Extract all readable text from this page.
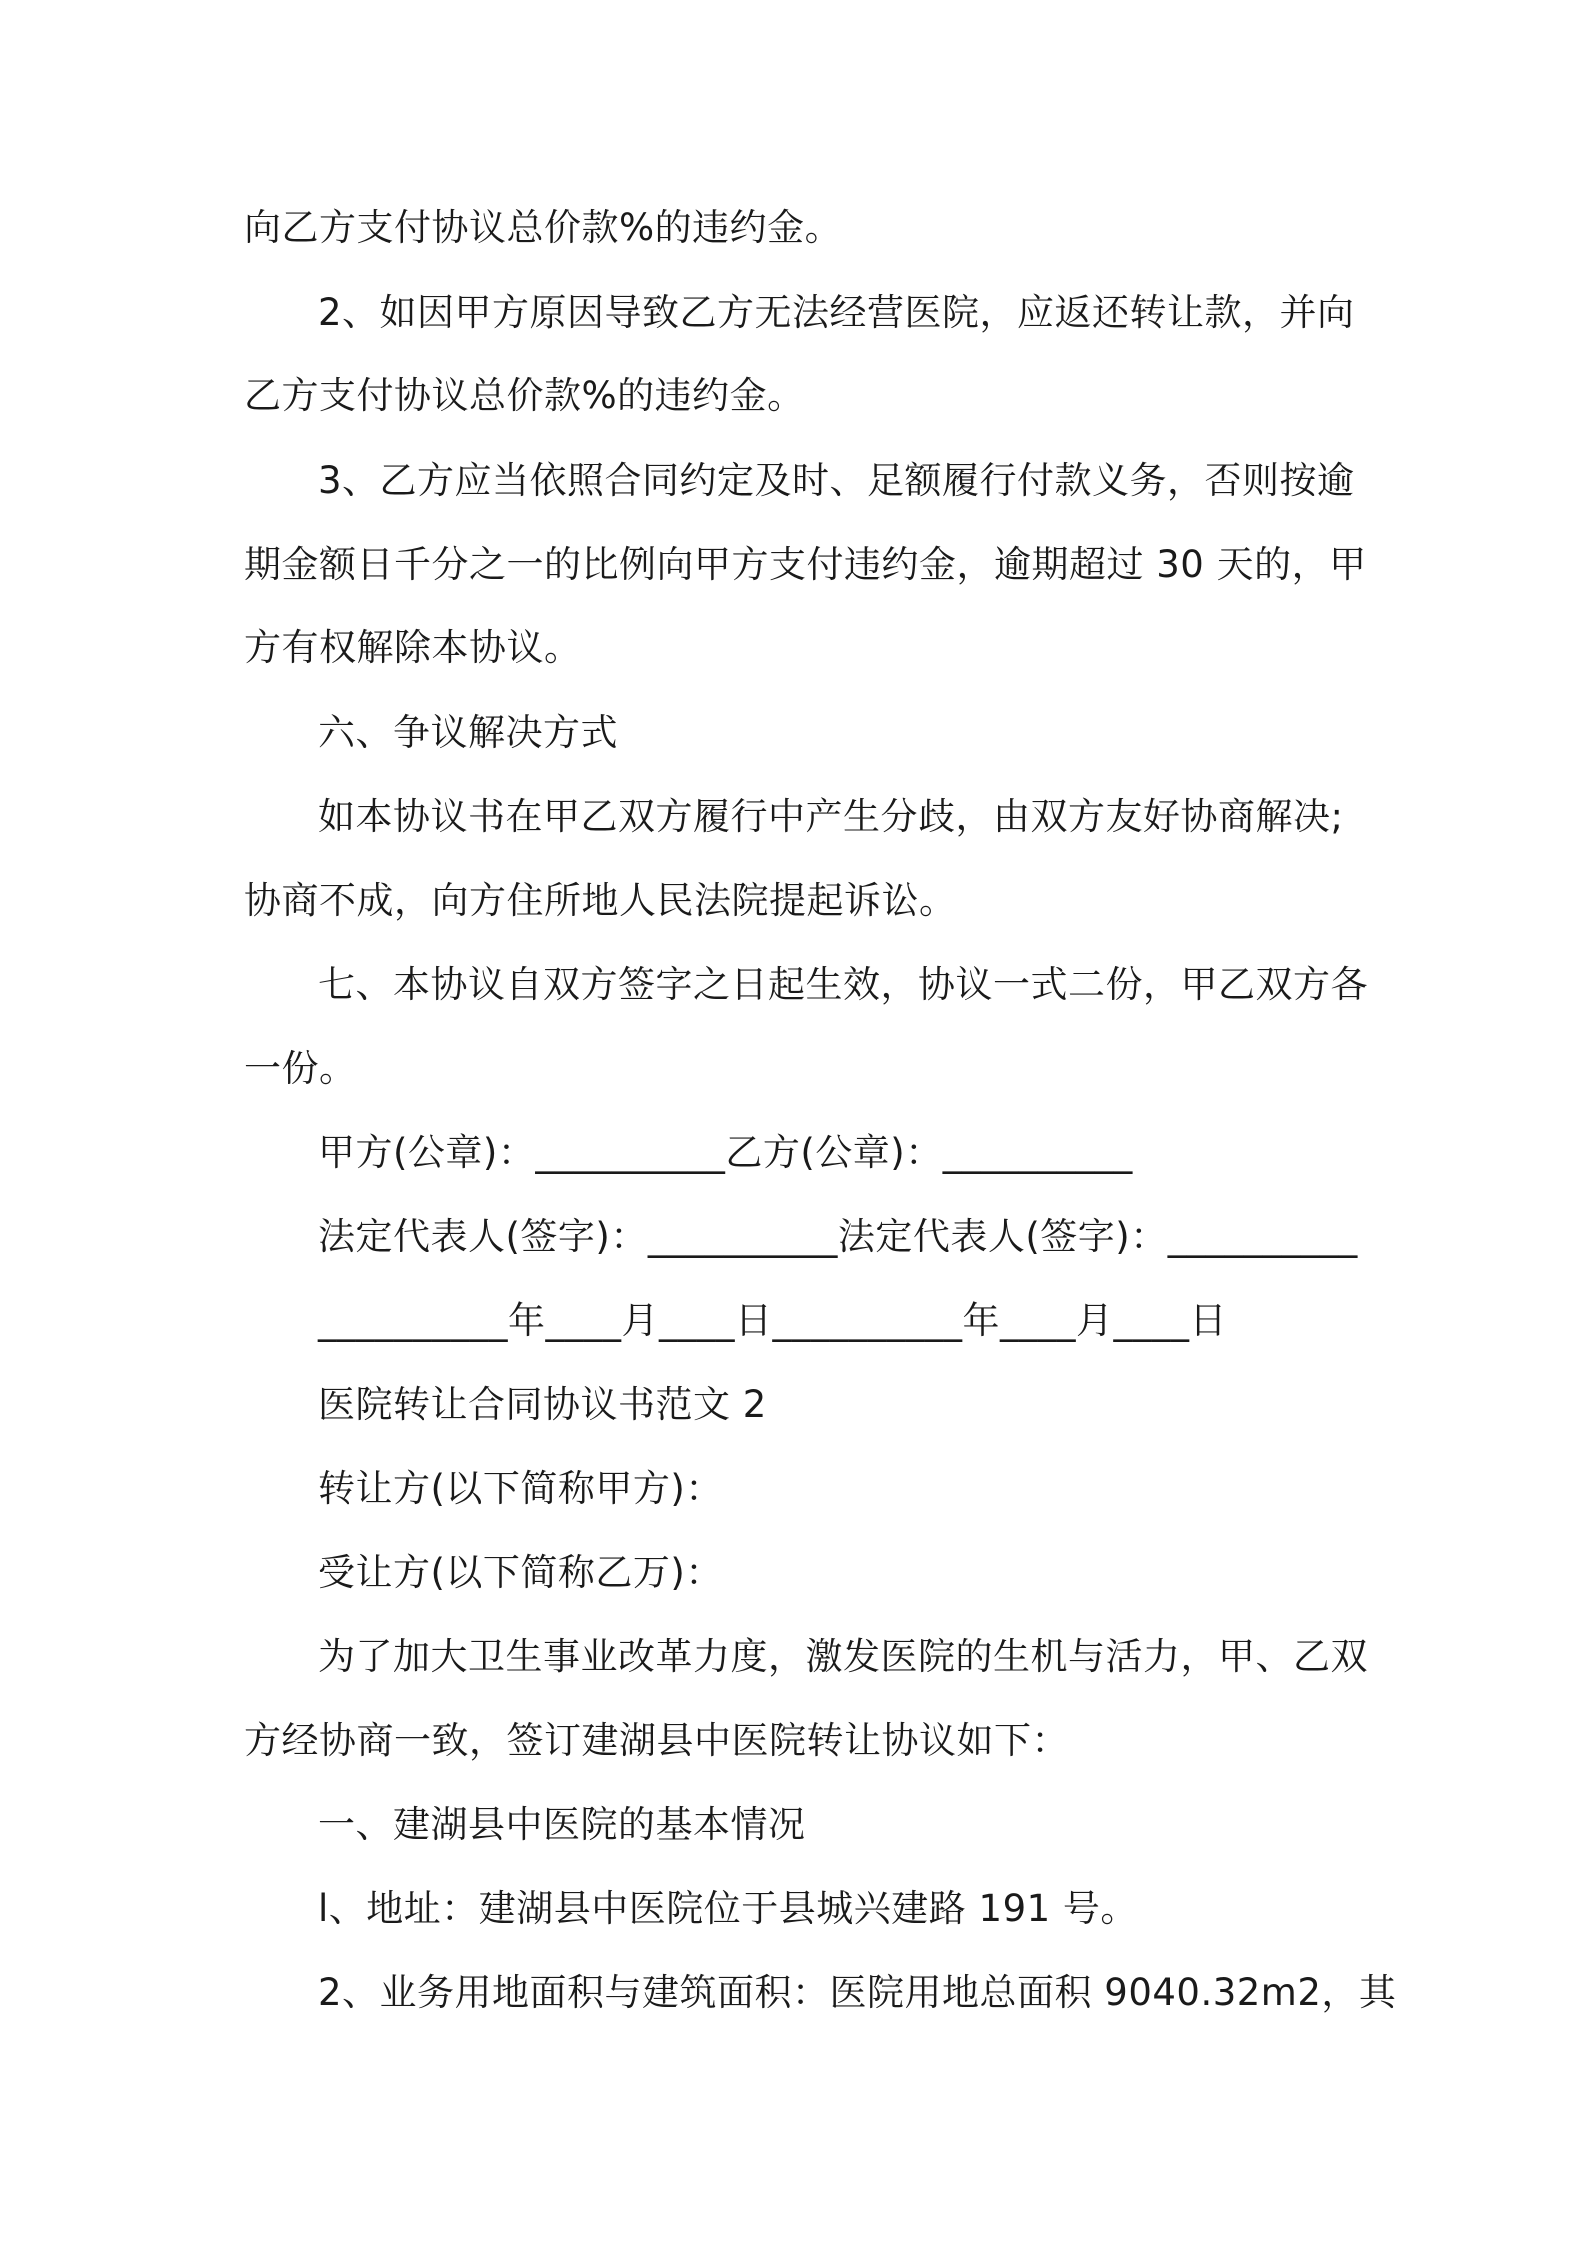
向乙方支付协议总价款%的违约金。
2、如因甲方原因导致乙方无法经营医院，应返还转让款，并向
乙方支付协议总价款%的违约金。
3、乙方应当依照合同约定及时、足额履行付款义务，否则按逾
期金额日千分之一的比例向甲方支付违约金，逾期超过 30 天的，甲
方有权解除本协议。
六、争议解决方式
如本协议书在甲乙双方履行中产生分歧，由双方友好协商解决;
协商不成，向方住所地人民法院提起诉讼。
七、本协议自双方签字之日起生效，协议一式二份，甲乙双方各
一份。
甲方(公章)：__________乙方(公章)：__________
法定代表人(签字)：__________法定代表人(签字)：__________
__________年____月____日__________年____月____日
医院转让合同协议书范文 2
转让方(以下简称甲方)：
受让方(以下简称乙万)：
为了加大卫生事业改革力度，激发医院的生机与活力，甲、乙双
方经协商一致，签订建湖县中医院转让协议如下：
一、建湖县中医院的基本情况
l、地址：建湖县中医院位于县城兴建路 191 号。
2、业务用地面积与建筑面积：医院用地总面积 9040.32m2，其
